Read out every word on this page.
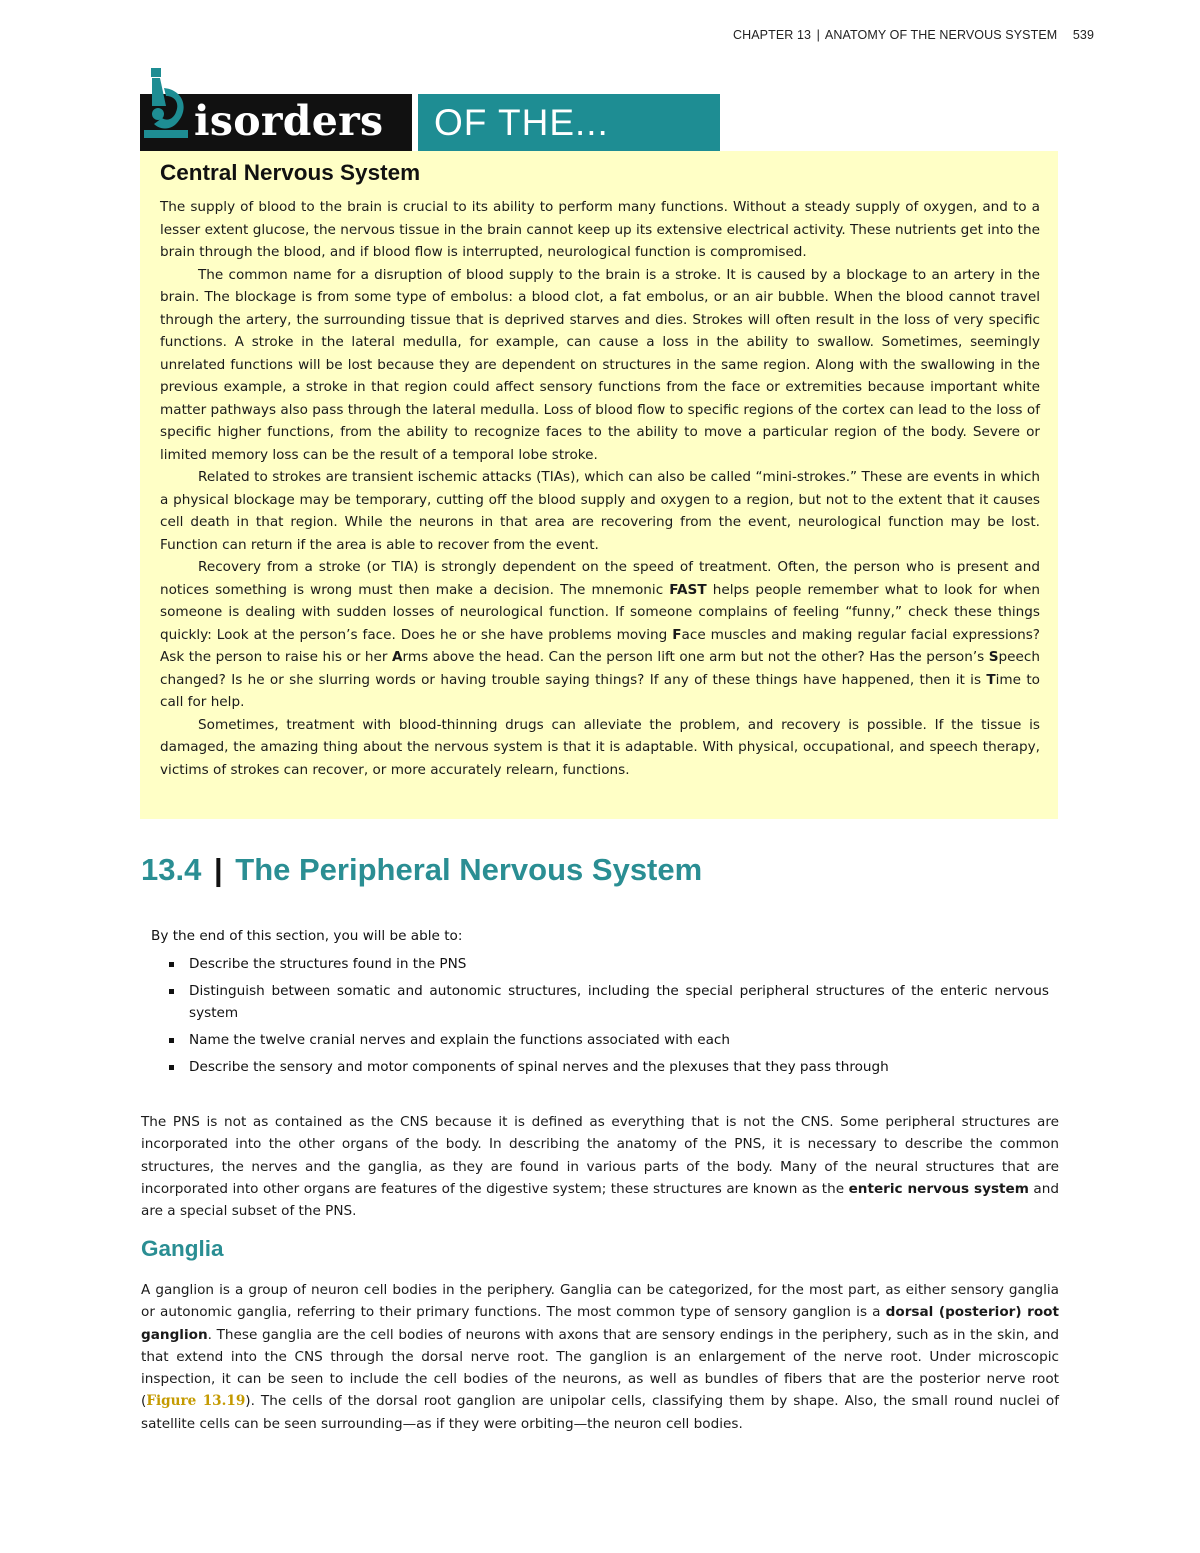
CHAPTER 13 | ANATOMY OF THE NERVOUS SYSTEM 539
isorders OF THE...
Central Nervous System

The supply of blood to the brain is crucial to its ability to perform many functions. Without a steady supply of oxygen, and to a lesser extent glucose, the nervous tissue in the brain cannot keep up its extensive electrical activity. These nutrients get into the brain through the blood, and if blood flow is interrupted, neurological function is compromised.

The common name for a disruption of blood supply to the brain is a stroke. It is caused by a blockage to an artery in the brain. The blockage is from some type of embolus: a blood clot, a fat embolus, or an air bubble. When the blood cannot travel through the artery, the surrounding tissue that is deprived starves and dies. Strokes will often result in the loss of very specific functions. A stroke in the lateral medulla, for example, can cause a loss in the ability to swallow. Sometimes, seemingly unrelated functions will be lost because they are dependent on structures in the same region. Along with the swallowing in the previous example, a stroke in that region could affect sensory functions from the face or extremities because important white matter pathways also pass through the lateral medulla. Loss of blood flow to specific regions of the cortex can lead to the loss of specific higher functions, from the ability to recognize faces to the ability to move a particular region of the body. Severe or limited memory loss can be the result of a temporal lobe stroke.

Related to strokes are transient ischemic attacks (TIAs), which can also be called “mini-strokes.” These are events in which a physical blockage may be temporary, cutting off the blood supply and oxygen to a region, but not to the extent that it causes cell death in that region. While the neurons in that area are recovering from the event, neurological function may be lost. Function can return if the area is able to recover from the event.

Recovery from a stroke (or TIA) is strongly dependent on the speed of treatment. Often, the person who is present and notices something is wrong must then make a decision. The mnemonic FAST helps people remember what to look for when someone is dealing with sudden losses of neurological function. If someone complains of feeling “funny,” check these things quickly: Look at the person’s face. Does he or she have problems moving Face muscles and making regular facial expressions? Ask the person to raise his or her Arms above the head. Can the person lift one arm but not the other? Has the person’s Speech changed? Is he or she slurring words or having trouble saying things? If any of these things have happened, then it is Time to call for help.

Sometimes, treatment with blood-thinning drugs can alleviate the problem, and recovery is possible. If the tissue is damaged, the amazing thing about the nervous system is that it is adaptable. With physical, occupational, and speech therapy, victims of strokes can recover, or more accurately relearn, functions.

13.4 | The Peripheral Nervous System

By the end of this section, you will be able to:

Describe the structures found in the PNS
Distinguish between somatic and autonomic structures, including the special peripheral structures of the enteric nervous system
Name the twelve cranial nerves and explain the functions associated with each
Describe the sensory and motor components of spinal nerves and the plexuses that they pass through

The PNS is not as contained as the CNS because it is defined as everything that is not the CNS. Some peripheral structures are incorporated into the other organs of the body. In describing the anatomy of the PNS, it is necessary to describe the common structures, the nerves and the ganglia, as they are found in various parts of the body. Many of the neural structures that are incorporated into other organs are features of the digestive system; these structures are known as the enteric nervous system and are a special subset of the PNS.

Ganglia

A ganglion is a group of neuron cell bodies in the periphery. Ganglia can be categorized, for the most part, as either sensory ganglia or autonomic ganglia, referring to their primary functions. The most common type of sensory ganglion is a dorsal (posterior) root ganglion. These ganglia are the cell bodies of neurons with axons that are sensory endings in the periphery, such as in the skin, and that extend into the CNS through the dorsal nerve root. The ganglion is an enlargement of the nerve root. Under microscopic inspection, it can be seen to include the cell bodies of the neurons, as well as bundles of fibers that are the posterior nerve root (Figure 13.19). The cells of the dorsal root ganglion are unipolar cells, classifying them by shape. Also, the small round nuclei of satellite cells can be seen surrounding—as if they were orbiting—the neuron cell bodies.
